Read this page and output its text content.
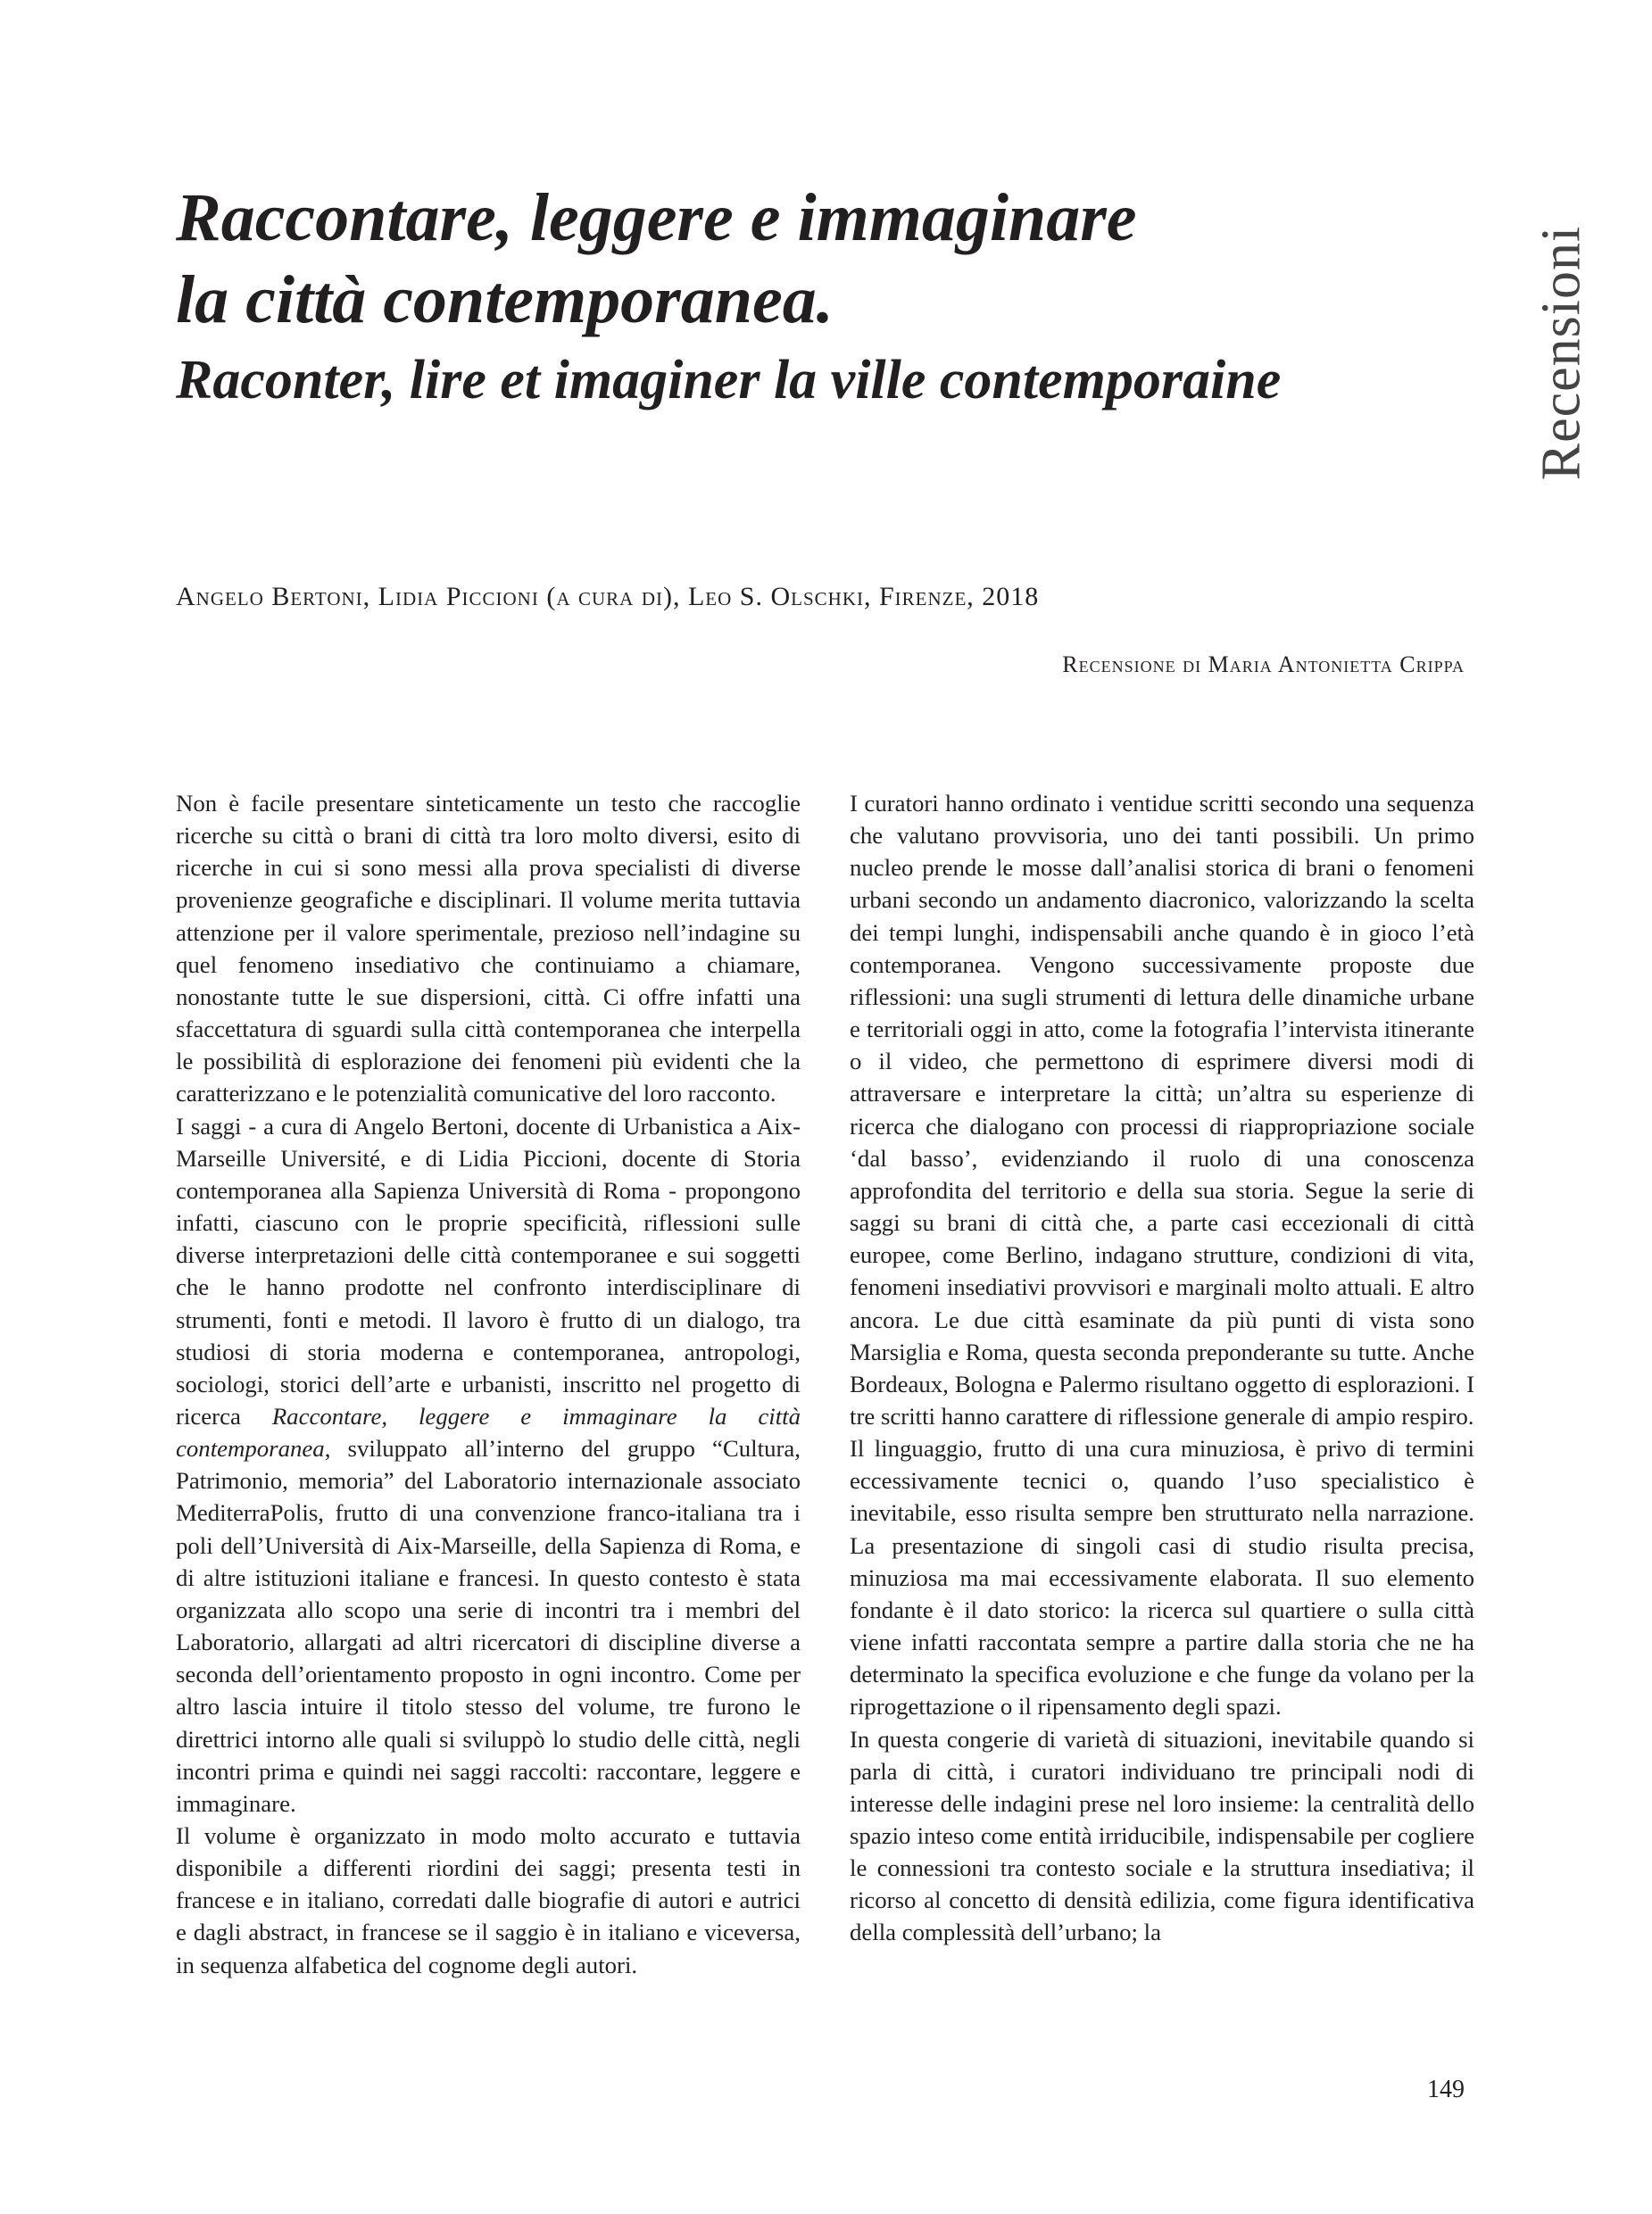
Raccontare, leggere e immaginare
la città contemporanea.
Raconter, lire et imaginer la ville contemporaine	Recensioni
Angelo Bertoni, Lidia Piccioni (a cura di), Leo S. Olschki, Firenze, 2018
Recensione di Maria Antonietta Crippa

Non è facile presentare sinteticamente un testo che raccoglie ricerche su città o brani di città tra loro molto diversi, esito di ricerche in cui si sono messi alla prova specialisti di diverse provenienze geografiche e disciplinari. Il volume merita tuttavia attenzione per il valore sperimentale, prezioso nell’indagine su quel fenomeno insediativo che continuiamo a chiamare, nonostante tutte le sue dispersioni, città. Ci offre infatti una sfaccettatura di sguardi sulla città contemporanea che interpella le possibilità di esplorazione dei fenomeni più evidenti che la caratterizzano e le potenzialità comunicative del loro racconto.

I saggi - a cura di Angelo Bertoni, docente di Urbanistica a Aix-Marseille Université, e di Lidia Piccioni, docente di Storia contemporanea alla Sapienza Università di Roma - propongono infatti, ciascuno con le proprie specificità, riflessioni sulle diverse interpretazioni delle città contemporanee e sui soggetti che le hanno prodotte nel confronto interdisciplinare di strumenti, fonti e metodi. Il lavoro è frutto di un dialogo, tra studiosi di storia moderna e contemporanea, antropologi, sociologi, storici dell’arte e urbanisti, inscritto nel progetto di ricerca Raccontare, leggere e immaginare la città contemporanea, sviluppato all’interno del gruppo “Cultura, Patrimonio, memoria” del Laboratorio internazionale associato MediterraPolis, frutto di una convenzione franco-italiana tra i poli dell’Università di Aix-Marseille, della Sapienza di Roma, e di altre istituzioni italiane e francesi. In questo contesto è stata organizzata allo scopo una serie di incontri tra i membri del Laboratorio, allargati ad altri ricercatori di discipline diverse a seconda dell’orientamento proposto in ogni incontro. Come per altro lascia intuire il titolo stesso del volume, tre furono le direttrici intorno alle quali si sviluppò lo studio delle città, negli incontri prima e quindi nei saggi raccolti: raccontare, leggere e immaginare.

Il volume è organizzato in modo molto accurato e tuttavia disponibile a differenti riordini dei saggi; presenta testi in francese e in italiano, corredati dalle biografie di autori e autrici e dagli abstract, in francese se il saggio è in italiano e viceversa, in sequenza alfabetica del cognome degli autori.

I curatori hanno ordinato i ventidue scritti secondo una sequenza che valutano provvisoria, uno dei tanti possibili. Un primo nucleo prende le mosse dall’analisi storica di brani o fenomeni urbani secondo un andamento diacronico, valorizzando la scelta dei tempi lunghi, indispensabili anche quando è in gioco l’età contemporanea. Vengono successivamente proposte due riflessioni: una sugli strumenti di lettura delle dinamiche urbane e territoriali oggi in atto, come la fotografia l’intervista itinerante o il video, che permettono di esprimere diversi modi di attraversare e interpretare la città; un’altra su esperienze di ricerca che dialogano con processi di riappropriazione sociale ‘dal basso’, evidenziando il ruolo di una conoscenza approfondita del territorio e della sua storia. Segue la serie di saggi su brani di città che, a parte casi eccezionali di città europee, come Berlino, indagano strutture, condizioni di vita, fenomeni insediativi provvisori e marginali molto attuali. E altro ancora. Le due città esaminate da più punti di vista sono Marsiglia e Roma, questa seconda preponderante su tutte. Anche Bordeaux, Bologna e Palermo risultano oggetto di esplorazioni. I tre scritti hanno carattere di riflessione generale di ampio respiro.

Il linguaggio, frutto di una cura minuziosa, è privo di termini eccessivamente tecnici o, quando l’uso specialistico è inevitabile, esso risulta sempre ben strutturato nella narrazione. La presentazione di singoli casi di studio risulta precisa, minuziosa ma mai eccessivamente elaborata. Il suo elemento fondante è il dato storico: la ricerca sul quartiere o sulla città viene infatti raccontata sempre a partire dalla storia che ne ha determinato la specifica evoluzione e che funge da volano per la riprogettazione o il ripensamento degli spazi.

In questa congerie di varietà di situazioni, inevitabile quando si parla di città, i curatori individuano tre principali nodi di interesse delle indagini prese nel loro insieme: la centralità dello spazio inteso come entità irriducibile, indispensabile per cogliere le connessioni tra contesto sociale e la struttura insediativa; il ricorso al concetto di densità edilizia, come figura identificativa della complessità dell’urbano; la

149
